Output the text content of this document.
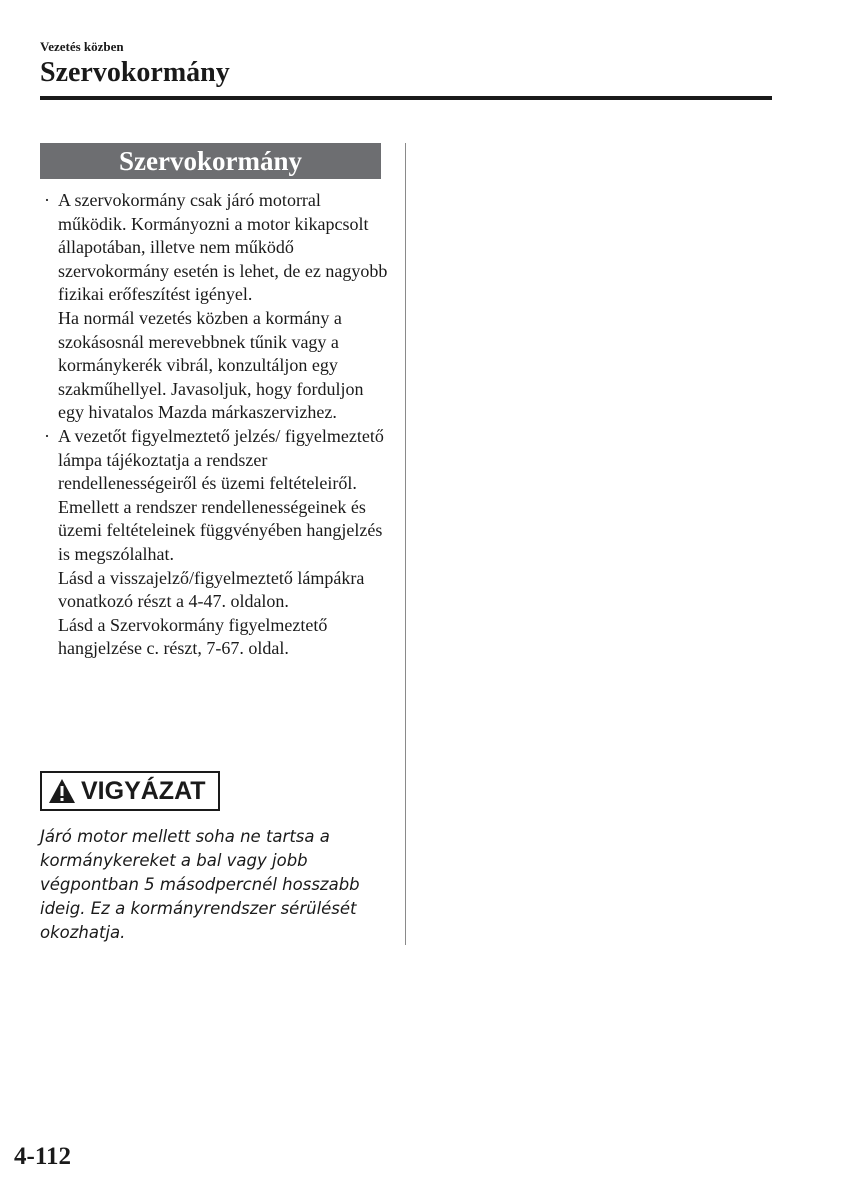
Vezetés közben
Szervokormány
Szervokormány
· A szervokormány csak járó motorral működik. Kormányozni a motor kikapcsolt állapotában, illetve nem működő szervokormány esetén is lehet, de ez nagyobb fizikai erőfeszítést igényel.
Ha normál vezetés közben a kormány a szokásosnál merevebbnek tűnik vagy a kormánykerék vibrál, konzultáljon egy szakműhellyel. Javasoljuk, hogy forduljon egy hivatalos Mazda márkaszervizhez.
· A vezetőt figyelmeztető jelzés/ figyelmeztető lámpa tájékoztatja a rendszer rendellenességeiről és üzemi feltételeiről.
Emellett a rendszer rendellenességeinek és üzemi feltételeinek függvényében hangjelzés is megszólalhat.
Lásd a visszajelző/figyelmeztető lámpákra vonatkozó részt a 4-47. oldalon.
Lásd a Szervokormány figyelmeztető hangjelzése c. részt, 7-67. oldal.
VIGYÁZAT
Járó motor mellett soha ne tartsa a kormánykereket a bal vagy jobb végpontban 5 másodpercnél hosszabb ideig. Ez a kormányrendszer sérülését okozhatja.
4-112
